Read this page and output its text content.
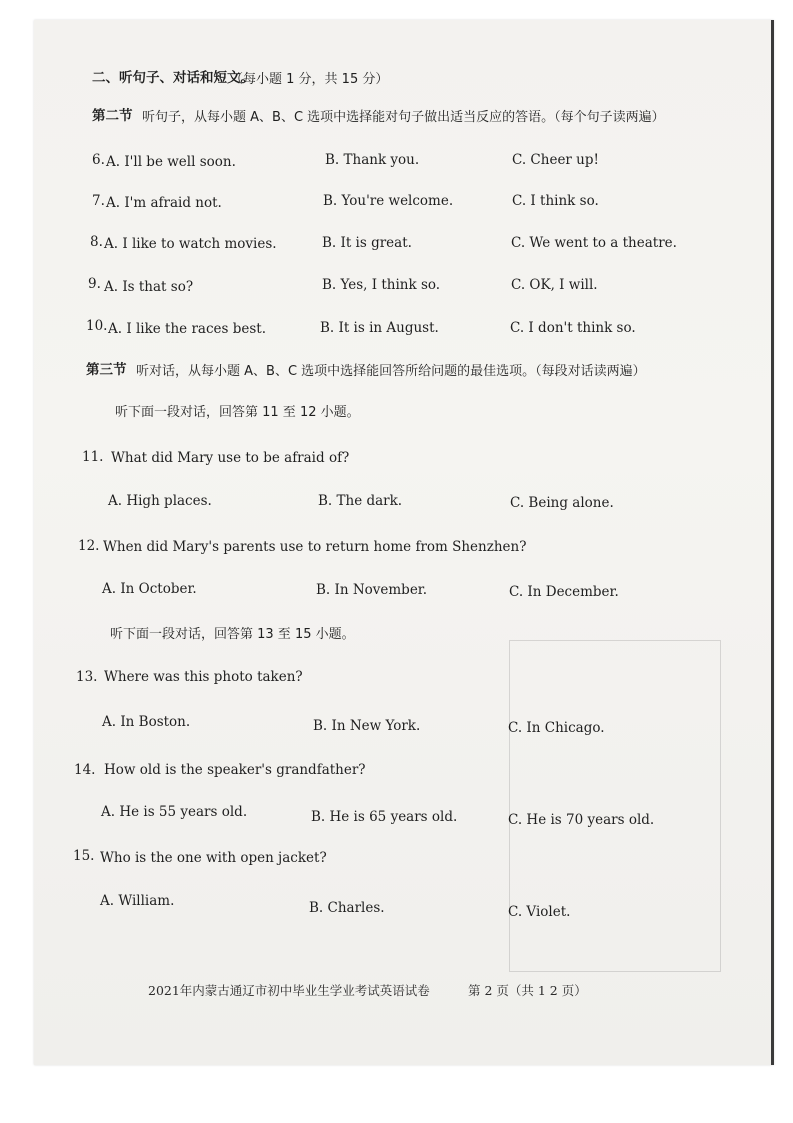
二、听句子、对话和短文。
（每小题 1 分，共 15 分）
第二节 听句子，从每小题 A、B、C 选项中选择能对句子做出适当反应的答语。（每个句子读两遍）
6. A. I'll be well soon.	B. Thank you.	C. Cheer up!
7. A. I'm afraid not.	B. You're welcome.	C. I think so.
8. A. I like to watch movies.	B. It is great.	C. We went to a theatre.
9. A. Is that so?	B. Yes, I think so.	C. OK, I will.
10. A. I like the races best.	B. It is in August.	C. I don't think so.
第三节 听对话，从每小题 A、B、C 选项中选择能回答所给问题的最佳选项。（每段对话读两遍）
听下面一段对话，回答第 11 至 12 小题。
11. What did Mary use to be afraid of?
A. High places.	B. The dark.	C. Being alone.
12. When did Mary's parents use to return home from Shenzhen?
A. In October.	B. In November.	C. In December.
听下面一段对话，回答第 13 至 15 小题。
13. Where was this photo taken?
A. In Boston.	B. In New York.	C. In Chicago.
14. How old is the speaker's grandfather?
A. He is 55 years old.	B. He is 65 years old.	C. He is 70 years old.
15. Who is the one with open jacket?
A. William.	B. Charles.	C. Violet.
2021年内蒙古通辽市初中毕业生学业考试英语试卷	第 2 页（共 1 2 页）
